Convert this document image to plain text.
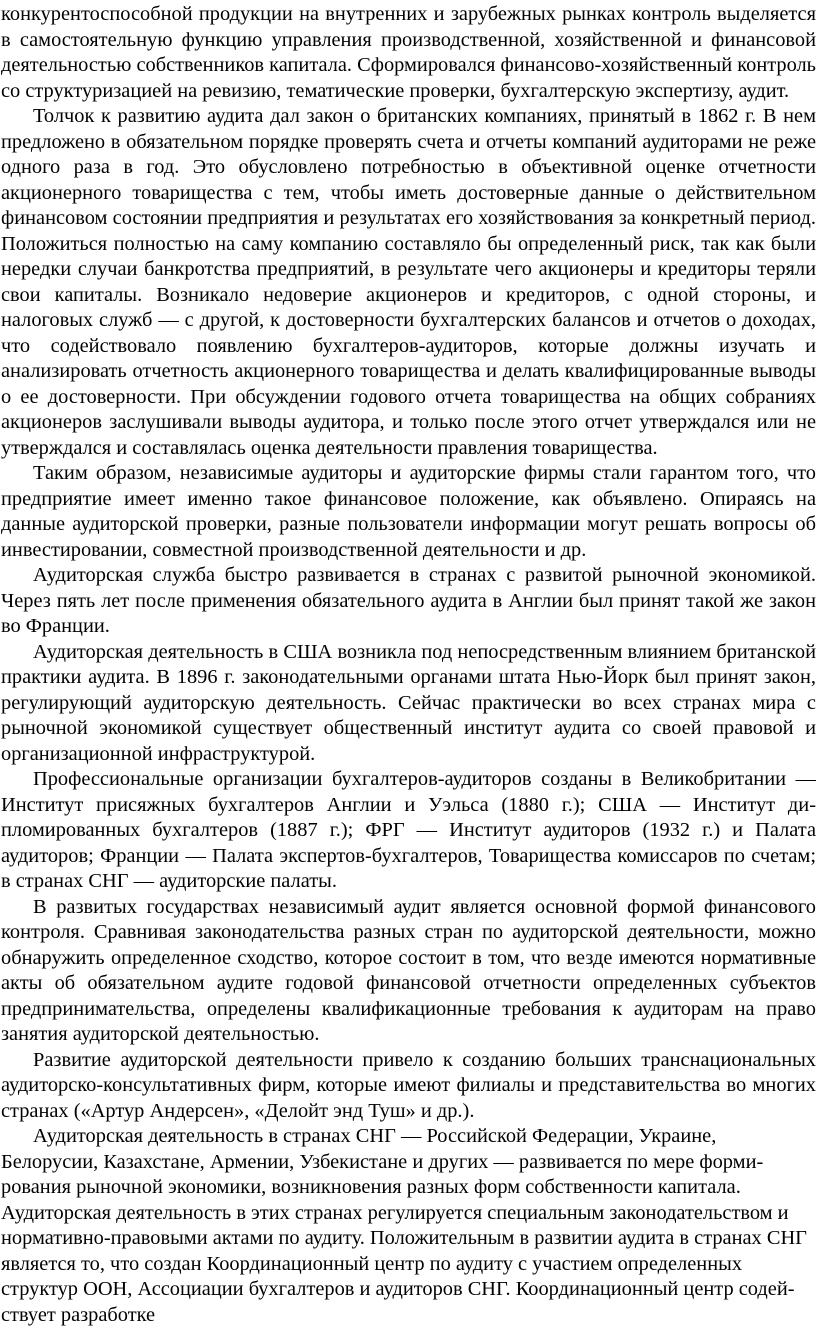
конкурентоспособной продукции на внутренних и зарубежных рынках контроль выделяется в самостоятельную функцию управления производственной, хозяйственной и финансовой деятельностью собственников капитала. Сформировался финансово-хозяйственный контроль со структуризацией на ревизию, тематические проверки, бухгалтерскую экспертизу, аудит.

Толчок к развитию аудита дал закон о британских компаниях, принятый в 1862 г. В нем предложено в обязательном порядке проверять счета и отчеты компаний аудиторами не реже одного раза в год. Это обусловлено потребностью в объективной оценке отчетности акционерного товарищества с тем, чтобы иметь достоверные данные о действительном финансовом состоянии предприятия и результатах его хозяйствования за конкретный период. Положиться полностью на саму компанию составляло бы определенный риск, так как были нередки случаи банкротства предприятий, в результате чего акционеры и кредиторы теряли свои капиталы. Возникало недоверие акционеров и кредиторов, с одной стороны, и налоговых служб — с другой, к достоверности бухгалтерских балансов и отчетов о доходах, что содействовало появлению бухгалтеров-аудиторов, которые должны изучать и анализировать отчетность акционерного товарищества и делать квалифицированные выводы о ее достоверности. При обсуждении годового отчета товарищества на общих собраниях акционеров заслушивали выводы аудитора, и только после этого отчет утверждался или не утверждался и составлялась оценка деятельности правления товарищества.

Таким образом, независимые аудиторы и аудиторские фирмы стали гарантом того, что предприятие имеет именно такое финансовое положение, как объявлено. Опираясь на данные аудиторской проверки, разные пользователи информации могут решать вопросы об инвестировании, совместной производственной деятельности и др.

Аудиторская служба быстро развивается в странах с развитой рыночной экономикой. Через пять лет после применения обязательного аудита в Англии был принят такой же закон во Франции.

Аудиторская деятельность в США возникла под непосредственным влиянием британской практики аудита. В 1896 г. законодательными органами штата Нью-Йорк был принят закон, регулирующий аудиторскую деятельность. Сейчас практически во всех странах мира с рыночной экономикой существует общественный институт аудита со своей правовой и организационной инфраструктурой.

Профессиональные организации бухгалтеров-аудиторов созданы в Великобритании — Институт присяжных бухгалтеров Англии и Уэльса (1880 г.); США — Институт дипломированных бухгалтеров (1887 г.); ФРГ — Институт аудиторов (1932 г.) и Палата аудиторов; Франции — Палата экспертов-бухгалтеров, Товарищества комиссаров по счетам; в странах СНГ — аудиторские палаты.

В развитых государствах независимый аудит является основной формой финансового контроля. Сравнивая законодательства разных стран по аудиторской деятельности, можно обнаружить определенное сходство, которое состоит в том, что везде имеются нормативные акты об обязательном аудите годовой финансовой отчетности определенных субъектов предпринимательства, определены квалификационные требования к аудиторам на право занятия аудиторской деятельностью.

Развитие аудиторской деятельности привело к созданию больших транснациональных аудиторско-консультативных фирм, которые имеют филиалы и представительства во многих странах («Артур Андерсен», «Делойт энд Туш» и др.).

Аудиторская деятельность в странах СНГ — Российской Федерации, Украине,
Белорусии, Казахстане, Армении, Узбекистане и других — развивается по мере форми-
рования рыночной экономики, возникновения разных форм собственности капитала.
Аудиторская деятельность в этих странах регулируется специальным законодательством и
нормативно-правовыми актами по аудиту. Положительным в развитии аудита в странах СНГ
является то, что создан Координационный центр по аудиту с участием определенных
структур ООН, Ассоциации бухгалтеров и аудиторов СНГ. Координационный центр содей-
ствует разработке
